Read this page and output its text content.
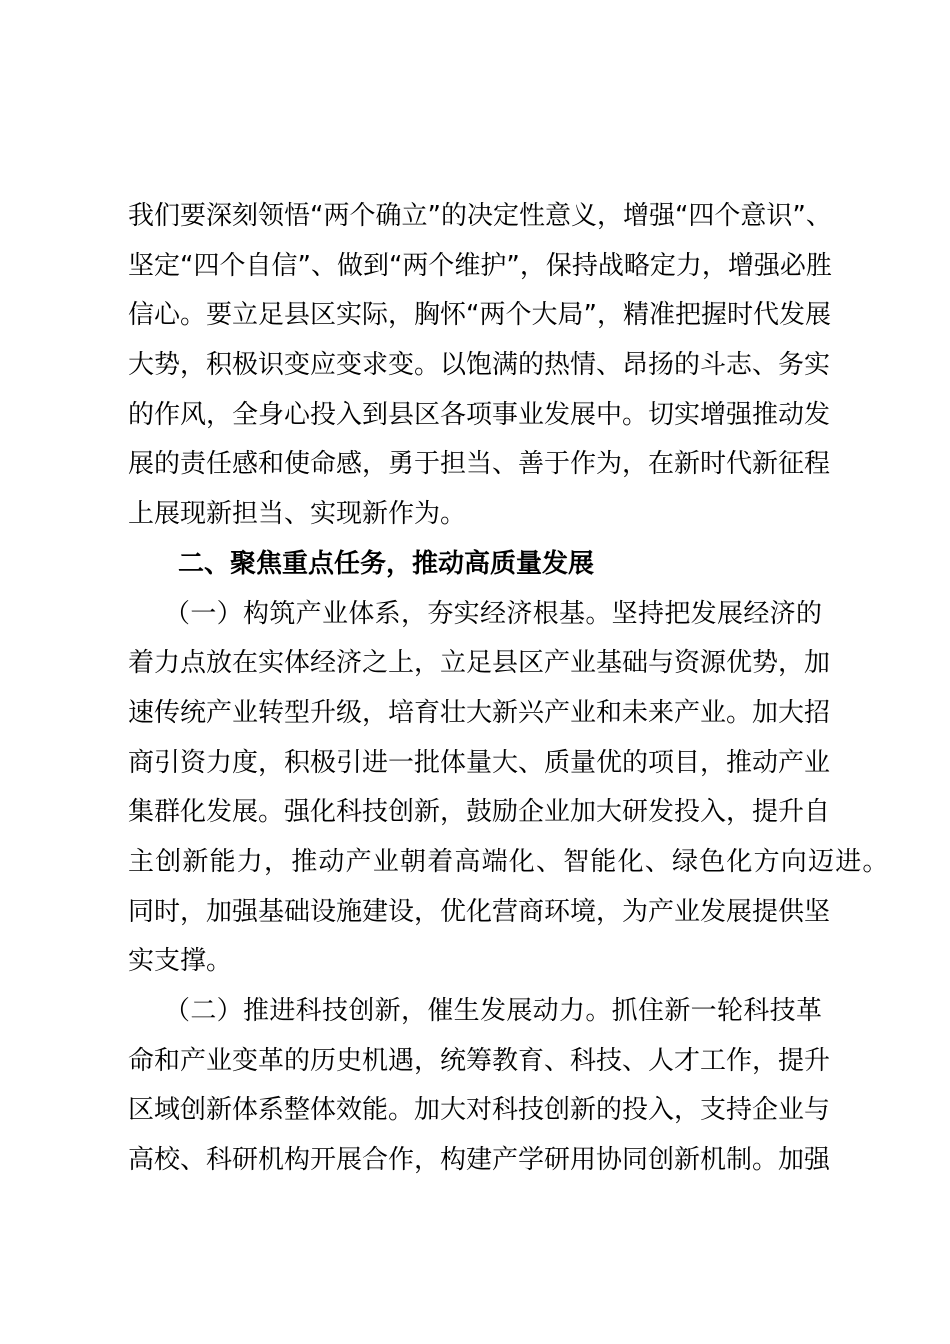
我们要深刻领悟“两个确立”的决定性意义，增强“四个意识”、
坚定“四个自信”、做到“两个维护”，保持战略定力，增强必胜
信心。要立足县区实际，胸怀“两个大局”，精准把握时代发展
大势，积极识变应变求变。以饱满的热情、昂扬的斗志、务实
的作风，全身心投入到县区各项事业发展中。切实增强推动发
展的责任感和使命感，勇于担当、善于作为，在新时代新征程
上展现新担当、实现新作为。
二、聚焦重点任务，推动高质量发展
（一）构筑产业体系，夯实经济根基。坚持把发展经济的
着力点放在实体经济之上，立足县区产业基础与资源优势，加
速传统产业转型升级，培育壮大新兴产业和未来产业。加大招
商引资力度，积极引进一批体量大、质量优的项目，推动产业
集群化发展。强化科技创新，鼓励企业加大研发投入，提升自
主创新能力，推动产业朝着高端化、智能化、绿色化方向迈进。
同时，加强基础设施建设，优化营商环境，为产业发展提供坚
实支撑。
（二）推进科技创新，催生发展动力。抓住新一轮科技革
命和产业变革的历史机遇，统筹教育、科技、人才工作，提升
区域创新体系整体效能。加大对科技创新的投入，支持企业与
高校、科研机构开展合作，构建产学研用协同创新机制。加强
